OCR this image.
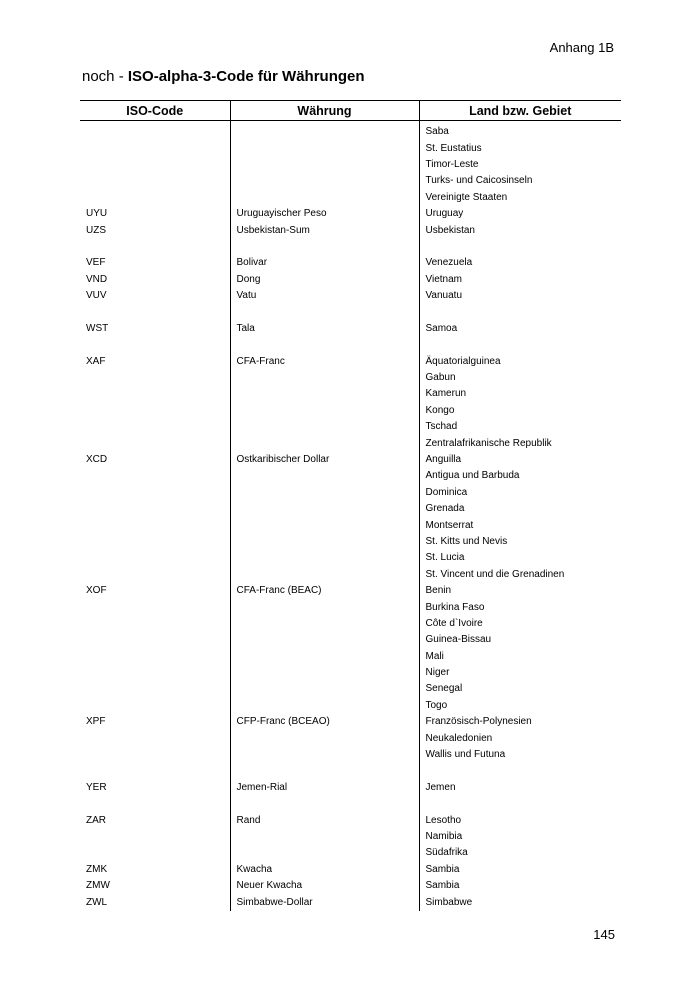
Anhang 1B
noch - ISO-alpha-3-Code für Währungen
ISO-Code	Währung	Land bzw. Gebiet
		Saba
		St. Eustatius
		Timor-Leste
		Turks- und Caicosinseln
		Vereinigte Staaten
UYU	Uruguayischer Peso	Uruguay
UZS	Usbekistan-Sum	Usbekistan

VEF	Bolivar	Venezuela
VND	Dong	Vietnam
VUV	Vatu	Vanuatu

WST	Tala	Samoa

XAF	CFA-Franc	Äquatorialguinea
		Gabun
		Kamerun
		Kongo
		Tschad
		Zentralafrikanische Republik
XCD	Ostkaribischer Dollar	Anguilla
		Antigua und Barbuda
		Dominica
		Grenada
		Montserrat
		St. Kitts und Nevis
		St. Lucia
		St. Vincent und die Grenadinen
XOF	CFA-Franc (BEAC)	Benin
		Burkina Faso
		Côte d`Ivoire
		Guinea-Bissau
		Mali
		Niger
		Senegal
		Togo
XPF	CFP-Franc (BCEAO)	Französisch-Polynesien
		Neukaledonien
		Wallis und Futuna

YER	Jemen-Rial	Jemen

ZAR	Rand	Lesotho
		Namibia
		Südafrika
ZMK	Kwacha	Sambia
ZMW	Neuer Kwacha	Sambia
ZWL	Simbabwe-Dollar	Simbabwe
145
